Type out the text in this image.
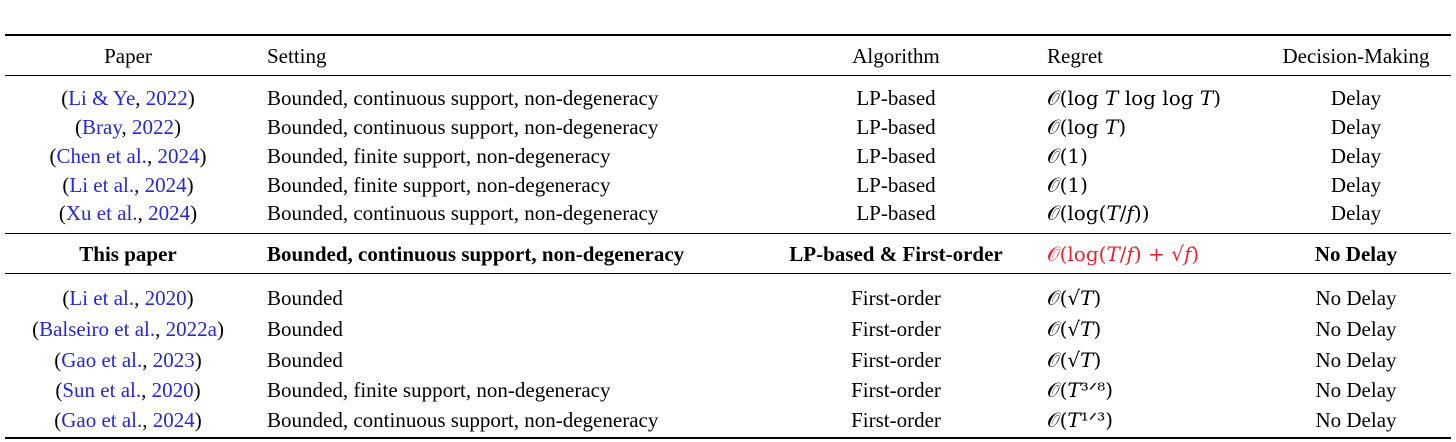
Paper	Setting	Algorithm	Regret	Decision-Making
(Li & Ye, 2022)	Bounded, continuous support, non-degeneracy	LP-based	𝒪(log 𝑇 log log 𝑇)	Delay
(Bray, 2022)	Bounded, continuous support, non-degeneracy	LP-based	𝒪(log 𝑇)	Delay
(Chen et al., 2024)	Bounded, finite support, non-degeneracy	LP-based	𝒪(1)	Delay
(Li et al., 2024)	Bounded, finite support, non-degeneracy	LP-based	𝒪(1)	Delay
(Xu et al., 2024)	Bounded, continuous support, non-degeneracy	LP-based	𝒪(log(𝑇/𝑓))	Delay
This paper	Bounded, continuous support, non-degeneracy	LP-based & First-order	𝒪(log(𝑇/𝑓) + √𝑓)	No Delay
(Li et al., 2020)	Bounded	First-order	𝒪(√𝑇)	No Delay
(Balseiro et al., 2022a)	Bounded	First-order	𝒪(√𝑇)	No Delay
(Gao et al., 2023)	Bounded	First-order	𝒪(√𝑇)	No Delay
(Sun et al., 2020)	Bounded, finite support, non-degeneracy	First-order	𝒪(𝑇³ᐟ⁸)	No Delay
(Gao et al., 2024)	Bounded, continuous support, non-degeneracy	First-order	𝒪(𝑇¹ᐟ³)	No Delay
